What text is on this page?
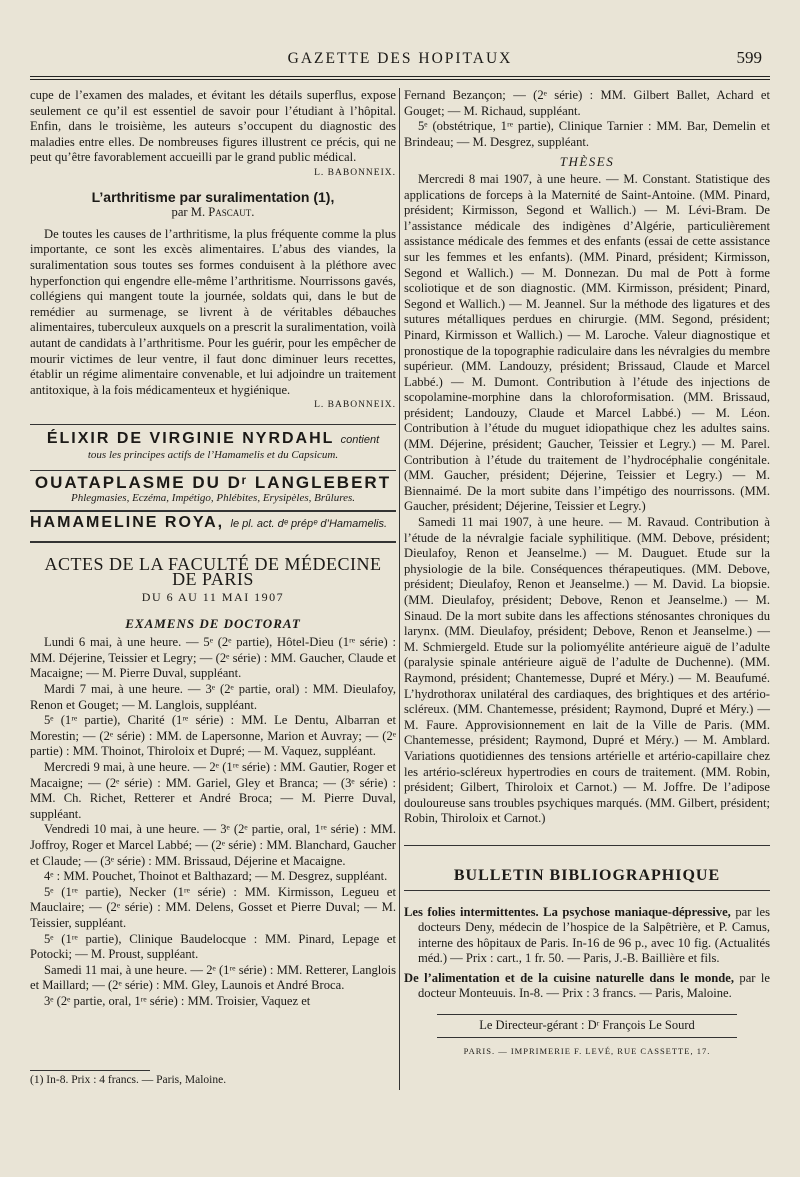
GAZETTE DES HOPITAUX	599

cupe de l’examen des malades, et évitant les détails superflus, expose seulement ce qu’il est essentiel de savoir pour l’étudiant à l’hôpital. Enfin, dans le troisième, les auteurs s’occupent du diagnostic des maladies entre elles. De nombreuses figures illustrent ce précis, qui ne peut qu’être favorablement accueilli par le grand public médical.

L. BABONNEIX.
L’arthritisme par suralimentation (1),
par M. Pascaut.

De toutes les causes de l’arthritisme, la plus fréquente comme la plus importante, ce sont les excès alimentaires. L’abus des viandes, la suralimentation sous toutes ses formes conduisent à la pléthore avec hyperfonction qui engendre elle-même l’arthritisme. Nourrissons gavés, collégiens qui mangent toute la journée, soldats qui, dans le but de remédier au surmenage, se livrent à de véritables débauches alimentaires, tuberculeux auxquels on a prescrit la suralimentation, voilà autant de candidats à l’arthritisme. Pour les guérir, pour les empêcher de mourir victimes de leur ventre, il faut donc diminuer leurs recettes, établir un régime alimentaire convenable, et lui adjoindre un traitement antitoxique, à la fois médicamenteux et hygiénique.

L. BABONNEIX.
ÉLIXIR DE VIRGINIE NYRDAHL contient
tous les principes actifs de l’Hamamelis et du Capsicum.
OUATAPLASME DU Dʳ LANGLEBERT
Phlegmasies, Eczéma, Impétigo, Phlébites, Erysipèles, Brûlures.
HAMAMELINE ROYA, le pl. act. dᵉ prépᵉ d’Hamamelis.
ACTES DE LA FACULTÉ DE MÉDECINE DE PARIS
DU 6 AU 11 MAI 1907
EXAMENS DE DOCTORAT

Lundi 6 mai, à une heure. — 5ᵉ (2ᵉ partie), Hôtel-Dieu (1ʳᵉ série) : MM. Déjerine, Teissier et Legry; — (2ᵉ série) : MM. Gaucher, Claude et Macaigne; — M. Pierre Duval, suppléant.

Mardi 7 mai, à une heure. — 3ᵉ (2ᵉ partie, oral) : MM. Dieulafoy, Renon et Gouget; — M. Langlois, suppléant.

5ᵉ (1ʳᵉ partie), Charité (1ʳᵉ série) : MM. Le Dentu, Albarran et Morestin; — (2ᵉ série) : MM. de Lapersonne, Marion et Auvray; — (2ᵉ partie) : MM. Thoinot, Thiroloix et Dupré; — M. Vaquez, suppléant.

Mercredi 9 mai, à une heure. — 2ᵉ (1ʳᵉ série) : MM. Gautier, Roger et Macaigne; — (2ᵉ série) : MM. Gariel, Gley et Branca; — (3ᵉ série) : MM. Ch. Richet, Retterer et André Broca; — M. Pierre Duval, suppléant.

Vendredi 10 mai, à une heure. — 3ᵉ (2ᵉ partie, oral, 1ʳᵉ série) : MM. Joffroy, Roger et Marcel Labbé; — (2ᵉ série) : MM. Blanchard, Gaucher et Claude; — (3ᵉ série) : MM. Brissaud, Déjerine et Macaigne.

4ᵉ : MM. Pouchet, Thoinot et Balthazard; — M. Desgrez, suppléant.

5ᵉ (1ʳᵉ partie), Necker (1ʳᵉ série) : MM. Kirmisson, Legueu et Mauclaire; — (2ᵉ série) : MM. Delens, Gosset et Pierre Duval; — M. Teissier, suppléant.

5ᵉ (1ʳᵉ partie), Clinique Baudelocque : MM. Pinard, Lepage et Potocki; — M. Proust, suppléant.

Samedi 11 mai, à une heure. — 2ᵉ (1ʳᵉ série) : MM. Retterer, Langlois et Maillard; — (2ᵉ série) : MM. Gley, Launois et André Broca.

3ᵉ (2ᵉ partie, oral, 1ʳᵉ série) : MM. Troisier, Vaquez et

(1) In-8. Prix : 4 francs. — Paris, Maloine.

Fernand Bezançon; — (2ᵉ série) : MM. Gilbert Ballet, Achard et Gouget; — M. Richaud, suppléant.

5ᵉ (obstétrique, 1ʳᵉ partie), Clinique Tarnier : MM. Bar, Demelin et Brindeau; — M. Desgrez, suppléant.

THÈSES

Mercredi 8 mai 1907, à une heure. — M. Constant. Statistique des applications de forceps à la Maternité de Saint-Antoine. (MM. Pinard, président; Kirmisson, Segond et Wallich.) — M. Lévi-Bram. De l’assistance médicale des indigènes d’Algérie, particulièrement assistance médicale des femmes et des enfants (essai de cette assistance sur les femmes et les enfants). (MM. Pinard, président; Kirmisson, Segond et Wallich.) — M. Donnezan. Du mal de Pott à forme scoliotique et de son diagnostic. (MM. Kirmisson, président; Pinard, Segond et Wallich.) — M. Jeannel. Sur la méthode des ligatures et des sutures métalliques perdues en chirurgie. (MM. Segond, président; Pinard, Kirmisson et Wallich.) — M. Laroche. Valeur diagnostique et pronostique de la topographie radiculaire dans les névralgies du membre supérieur. (MM. Landouzy, président; Brissaud, Claude et Marcel Labbé.) — M. Dumont. Contribution à l’étude des injections de scopolamine-morphine dans la chloroformisation. (MM. Brissaud, président; Landouzy, Claude et Marcel Labbé.) — M. Léon. Contribution à l’étude du muguet idiopathique chez les adultes sains. (MM. Déjerine, président; Gaucher, Teissier et Legry.) — M. Parel. Contribution à l’étude du traitement de l’hydrocéphalie congénitale. (MM. Gaucher, président; Déjerine, Teissier et Legry.) — M. Biennaimé. De la mort subite dans l’impétigo des nourrissons. (MM. Gaucher, président; Déjerine, Teissier et Legry.)

Samedi 11 mai 1907, à une heure. — M. Ravaud. Contribution à l’étude de la névralgie faciale syphilitique. (MM. Debove, président; Dieulafoy, Renon et Jeanselme.) — M. Dauguet. Etude sur la physiologie de la bile. Conséquences thérapeutiques. (MM. Debove, président; Dieulafoy, Renon et Jeanselme.) — M. David. La biopsie. (MM. Dieulafoy, président; Debove, Renon et Jeanselme.) — M. Sinaud. De la mort subite dans les affections sténosantes chroniques du larynx. (MM. Dieulafoy, président; Debove, Renon et Jeanselme.) — M. Schmiergeld. Etude sur la poliomyélite antérieure aiguë de l’adulte (paralysie spinale antérieure aiguë de l’adulte de Duchenne). (MM. Raymond, président; Chantemesse, Dupré et Méry.) — M. Beaufumé. L’hydrothorax unilatéral des cardiaques, des brightiques et des artério-scléreux. (MM. Chantemesse, président; Raymond, Dupré et Méry.) — M. Faure. Approvisionnement en lait de la Ville de Paris. (MM. Chantemesse, président; Raymond, Dupré et Méry.) — M. Amblard. Variations quotidiennes des tensions artérielle et artério-capillaire chez les artério-scléreux hypertrodies en cours de traitement. (MM. Robin, président; Gilbert, Thiroloix et Carnot.) — M. Joffre. De l’adipose douloureuse sans troubles psychiques marqués. (MM. Gilbert, président; Robin, Thiroloix et Carnot.)

BULLETIN BIBLIOGRAPHIQUE

Les folies intermittentes. La psychose maniaque-dépressive, par les docteurs Deny, médecin de l’hospice de la Salpêtrière, et P. Camus, interne des hôpitaux de Paris. In-16 de 96 p., avec 10 fig. (Actualités méd.) — Prix : cart., 1 fr. 50. — Paris, J.-B. Baillière et fils.

De l’alimentation et de la cuisine naturelle dans le monde, par le docteur Monteuuis. In-8. — Prix : 3 francs. — Paris, Maloine.

Le Directeur-gérant : Dʳ François Le Sourd
PARIS. — IMPRIMERIE F. LEVÉ, RUE CASSETTE, 17.
